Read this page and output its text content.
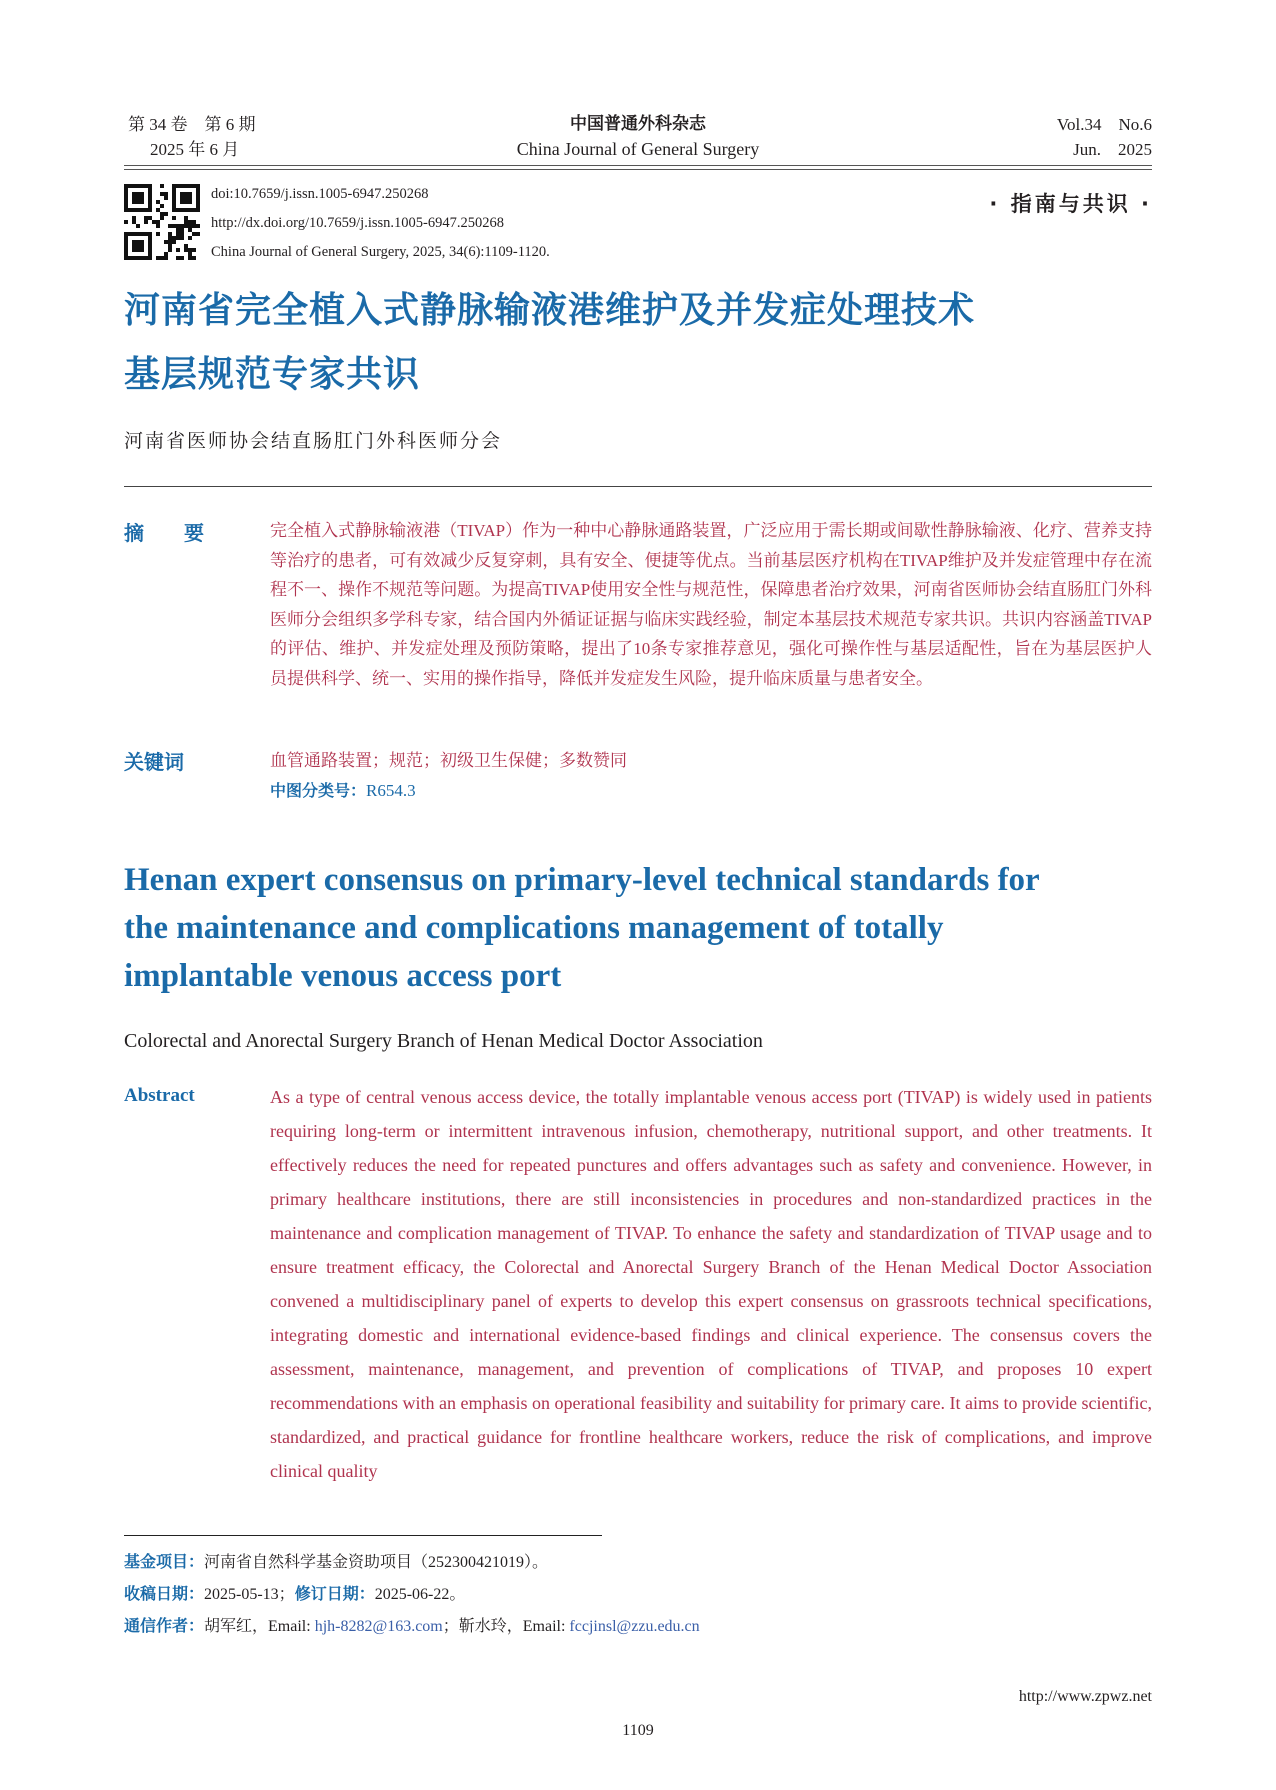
第 34 卷　第 6 期
2025 年 6 月
中国普通外科杂志
China Journal of General Surgery
Vol.34　No.6
Jun.　2025
doi:10.7659/j.issn.1005-6947.250268
http://dx.doi.org/10.7659/j.issn.1005-6947.250268
China Journal of General Surgery, 2025, 34(6):1109-1120.
· 指南与共识 ·
河南省完全植入式静脉输液港维护及并发症处理技术
基层规范专家共识
河南省医师协会结直肠肛门外科医师分会
摘　要	完全植入式静脉输液港（TIVAP）作为一种中心静脉通路装置，广泛应用于需长期或间歇性静脉输液、化疗、营养支持等治疗的患者，可有效减少反复穿刺，具有安全、便捷等优点。当前基层医疗机构在TIVAP维护及并发症管理中存在流程不一、操作不规范等问题。为提高TIVAP使用安全性与规范性，保障患者治疗效果，河南省医师协会结直肠肛门外科医师分会组织多学科专家，结合国内外循证证据与临床实践经验，制定本基层技术规范专家共识。共识内容涵盖TIVAP的评估、维护、并发症处理及预防策略，提出了10条专家推荐意见，强化可操作性与基层适配性，旨在为基层医护人员提供科学、统一、实用的操作指导，降低并发症发生风险，提升临床质量与患者安全。
关键词	血管通路装置；规范；初级卫生保健；多数赞同
中图分类号：R654.3
Henan expert consensus on primary-level technical standards for
the maintenance and complications management of totally
implantable venous access port
Colorectal and Anorectal Surgery Branch of Henan Medical Doctor Association
Abstract	As a type of central venous access device, the totally implantable venous access port (TIVAP) is widely used in patients requiring long-term or intermittent intravenous infusion, chemotherapy, nutritional support, and other treatments. It effectively reduces the need for repeated punctures and offers advantages such as safety and convenience. However, in primary healthcare institutions, there are still inconsistencies in procedures and non-standardized practices in the maintenance and complication management of TIVAP. To enhance the safety and standardization of TIVAP usage and to ensure treatment efficacy, the Colorectal and Anorectal Surgery Branch of the Henan Medical Doctor Association convened a multidisciplinary panel of experts to develop this expert consensus on grassroots technical specifications, integrating domestic and international evidence-based findings and clinical experience. The consensus covers the assessment, maintenance, management, and prevention of complications of TIVAP, and proposes 10 expert recommendations with an emphasis on operational feasibility and suitability for primary care. It aims to provide scientific, standardized, and practical guidance for frontline healthcare workers, reduce the risk of complications, and improve clinical quality
基金项目：河南省自然科学基金资助项目（252300421019）。
收稿日期：2025-05-13；修订日期：2025-06-22。
通信作者：胡军红，Email: hjh-8282@163.com；靳水玲，Email: fccjinsl@zzu.edu.cn
http://www.zpwz.net
1109
